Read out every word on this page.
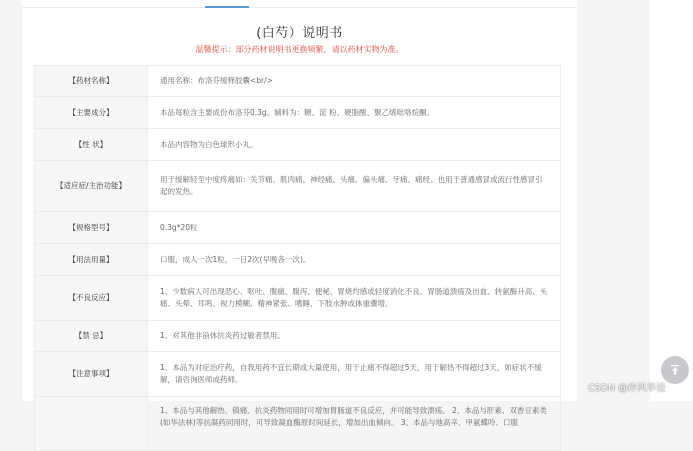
(白芍）说明书
温馨提示：部分药材说明书更换频繁，请以药材实物为准。
【药材名称】	通用名称：布洛芬缓释胶囊<br/>
【主要成分】	本品每粒含主要成份布洛芬0.3g。辅料为：糖、淀 粉、硬脂酸、聚乙烯吡咯烷酮。
【性 状】	本品内容物为白色球形小丸。
【适应症/主治功能】	用于缓解轻至中度疼痛如：关节痛、肌肉痛、神经痛、头痛、偏头痛、牙痛、痛经。也用于普通感冒或流行性感冒引起的发热。
【规格型号】	0.3g*20粒
【用法用量】	口服，成人一次1粒，一日2次(早晚各一次)。
【不良反应】	1、少数病人可出现恶心、呕吐、腹痛、腹泻、便秘、胃烧灼感或轻度消化不良、胃肠道溃疡及出血、转氨酶升高、头痛、头晕、耳鸣、视力模糊、精神紧张、嗜睡、下肢水肿或体重骤增。
【禁 忌】	1、对其他非甾体抗炎药过敏者禁用。
【注意事项】	1、本品为对症治疗药，自我用药不宜长期或大量使用，用于止痛不得超过5天，用于解热不得超过3天，如症状不缓解，请咨询医师或药师。
	1、本品与其他解热、镇痛、抗炎药物同用时可增加胃肠道不良反应，并可能导致溃疡。 2、本品与肝素、双香豆素类(如华法林)等抗凝药同用时，可导致凝血酶原时间延长，增加出血倾向。 3、本品与地高辛、甲氨蝶呤、口服
CSDN @岸风毕设
